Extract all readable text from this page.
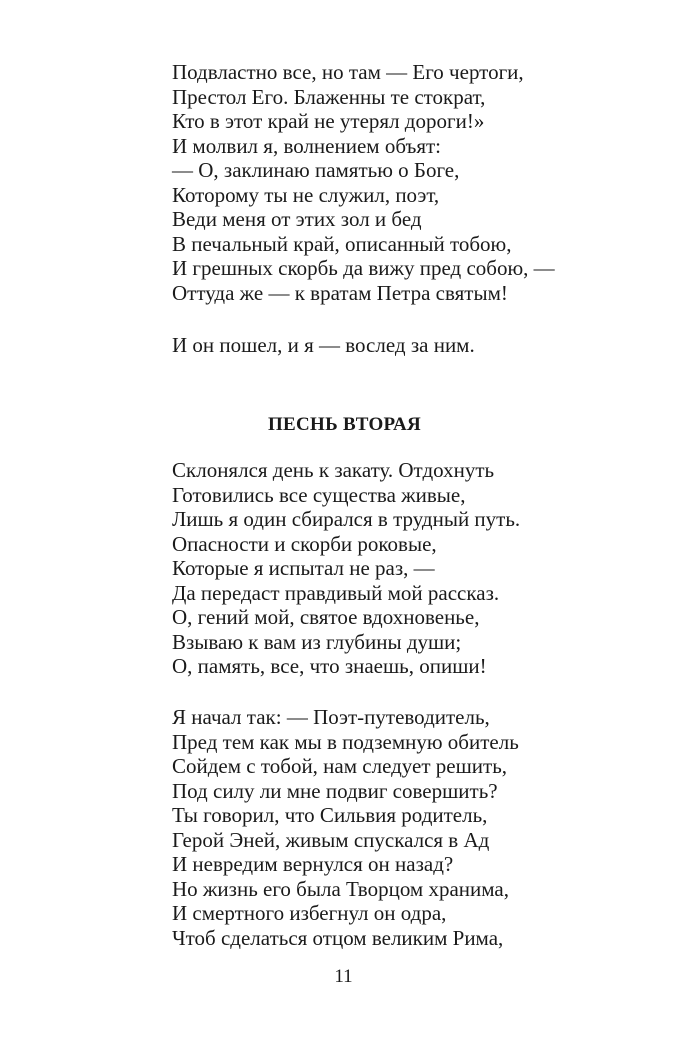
Подвластно все, но там — Его чертоги,
Престол Его. Блаженны те стократ,
Кто в этот край не утерял дороги!»
И молвил я, волнением объят:
— О, заклинаю памятью о Боге,
Которому ты не служил, поэт,
Веди меня от этих зол и бед
В печальный край, описанный тобою,
И грешных скорбь да вижу пред собою, —
Оттуда же — к вратам Петра святым!
И он пошел, и я — вослед за ним.
ПЕСНЬ ВТОРАЯ
Склонялся день к закату. Отдохнуть
Готовились все существа живые,
Лишь я один сбирался в трудный путь.
Опасности и скорби роковые,
Которые я испытал не раз, —
Да передаст правдивый мой рассказ.
О, гений мой, святое вдохновенье,
Взываю к вам из глубины души;
О, память, все, что знаешь, опиши!
Я начал так: — Поэт-путеводитель,
Пред тем как мы в подземную обитель
Сойдем с тобой, нам следует решить,
Под силу ли мне подвиг совершить?
Ты говорил, что Сильвия родитель,
Герой Эней, живым спускался в Ад
И невредим вернулся он назад?
Но жизнь его была Творцом хранима,
И смертного избегнул он одра,
Чтоб сделаться отцом великим Рима,
11
